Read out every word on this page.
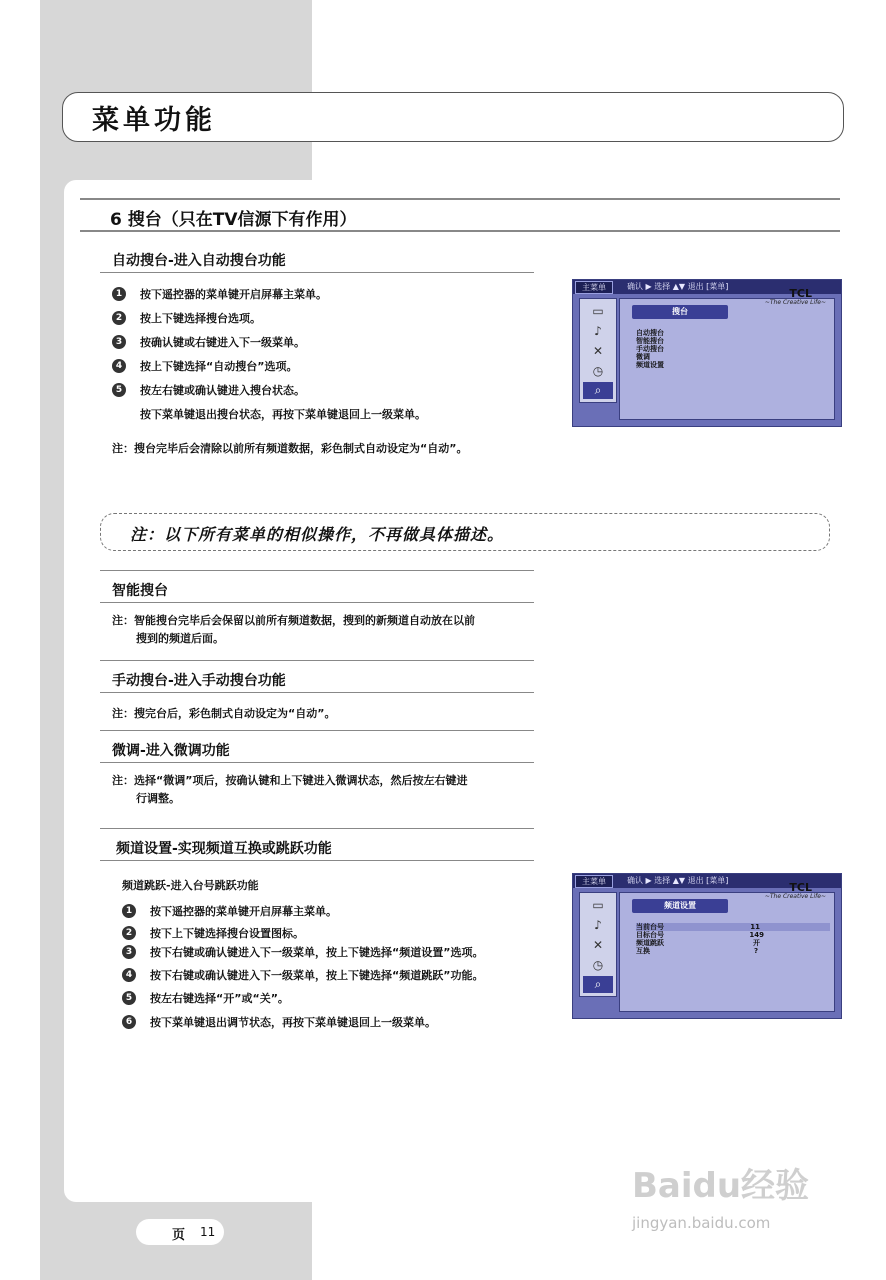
菜单功能
6 搜台（只在TV信源下有作用）
自动搜台-进入自动搜台功能
1	按下遥控器的菜单键开启屏幕主菜单。
2	按上下键选择搜台选项。
3	按确认键或右键进入下一级菜单。
4	按上下键选择“自动搜台”选项。
5	按左右键或确认键进入搜台状态。
按下菜单键退出搜台状态，再按下菜单键退回上一级菜单。
注：搜台完毕后会清除以前所有频道数据，彩色制式自动设定为“自动”。
主菜单	确认 ▶ 选择 ▲▼ 退出 [菜单]
▭
♪
✕
◷
⌕
搜台
TCL
~The Creative Life~
自动搜台
智能搜台
手动搜台
微调
频道设置
注：以下所有菜单的相似操作，不再做具体描述。
智能搜台
注：智能搜台完毕后会保留以前所有频道数据，搜到的新频道自动放在以前
搜到的频道后面。
手动搜台-进入手动搜台功能
注：搜完台后，彩色制式自动设定为“自动”。
微调-进入微调功能
注：选择“微调”项后，按确认键和上下键进入微调状态，然后按左右键进
行调整。
频道设置-实现频道互换或跳跃功能
频道跳跃-进入台号跳跃功能
1	按下遥控器的菜单键开启屏幕主菜单。
2	按下上下键选择搜台设置图标。
3	按下右键或确认键进入下一级菜单，按上下键选择“频道设置”选项。
4	按下右键或确认键进入下一级菜单，按上下键选择“频道跳跃”功能。
5	按左右键选择“开”或“关”。
6	按下菜单键退出调节状态，再按下菜单键退回上一级菜单。
主菜单	确认 ▶ 选择 ▲▼ 退出 [菜单]
▭
♪
✕
◷
⌕
频道设置
TCL
~The Creative Life~
当前台号	11
目标台号	149
频道跳跃	开
互换	?
Baidu经验
jingyan.baidu.com
页 11
